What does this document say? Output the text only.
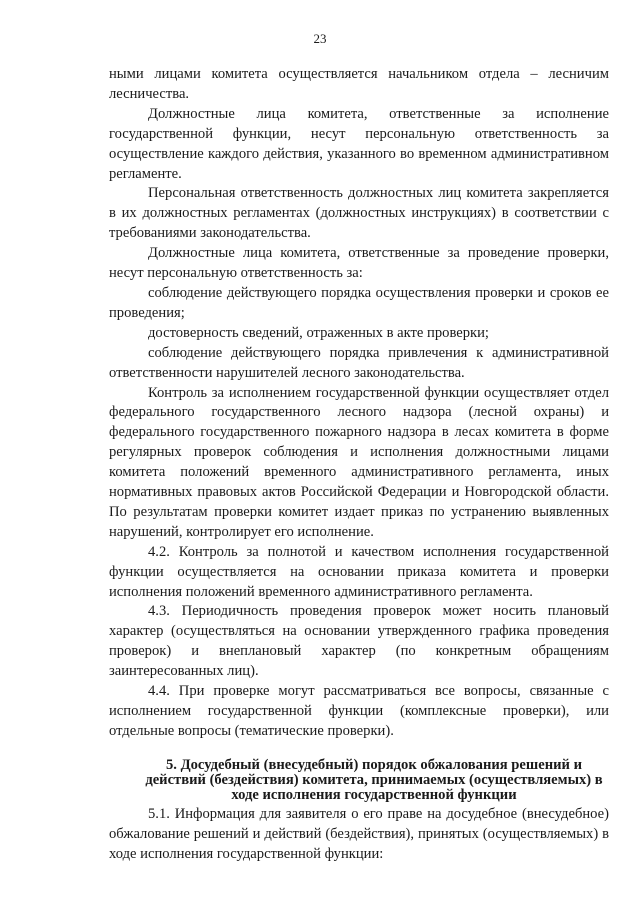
23

ными лицами комитета осуществляется начальником отдела – лесничим лесничества.

Должностные лица комитета, ответственные за исполнение государственной функции, несут персональную ответственность за осуществление каждого действия, указанного во временном административном регламенте.

Персональная ответственность должностных лиц комитета закрепляется в их должностных регламентах (должностных инструкциях) в соответствии с требованиями законодательства.

Должностные лица комитета, ответственные за проведение проверки, несут персональную ответственность за:

соблюдение действующего порядка осуществления проверки и сроков ее проведения;

достоверность сведений, отраженных в акте проверки;

соблюдение действующего порядка привлечения к административной ответственности нарушителей лесного законодательства.

Контроль за исполнением государственной функции осуществляет отдел федерального государственного лесного надзора (лесной охраны) и федерального государственного пожарного надзора в лесах комитета в форме регулярных проверок соблюдения и исполнения должностными лицами комитета положений временного административного регламента, иных нормативных правовых актов Российской Федерации и Новгородской области. По результатам проверки комитет издает приказ по устранению выявленных нарушений, контролирует его исполнение.

4.2. Контроль за полнотой и качеством исполнения государственной функции осуществляется на основании приказа комитета и проверки исполнения положений временного административного регламента.

4.3. Периодичность проведения проверок может носить плановый характер (осуществляться на основании утвержденного графика проведения проверок) и внеплановый характер (по конкретным обращениям заинтересованных лиц).

4.4. При проверке могут рассматриваться все вопросы, связанные с исполнением государственной функции (комплексные проверки), или отдельные вопросы (тематические проверки).

5. Досудебный (внесудебный) порядок обжалования решений и действий (бездействия) комитета, принимаемых (осуществляемых) в ходе исполнения государственной функции

5.1. Информация для заявителя о его праве на досудебное (внесудебное) обжалование решений и действий (бездействия), принятых (осуществляемых) в ходе исполнения государственной функции:
